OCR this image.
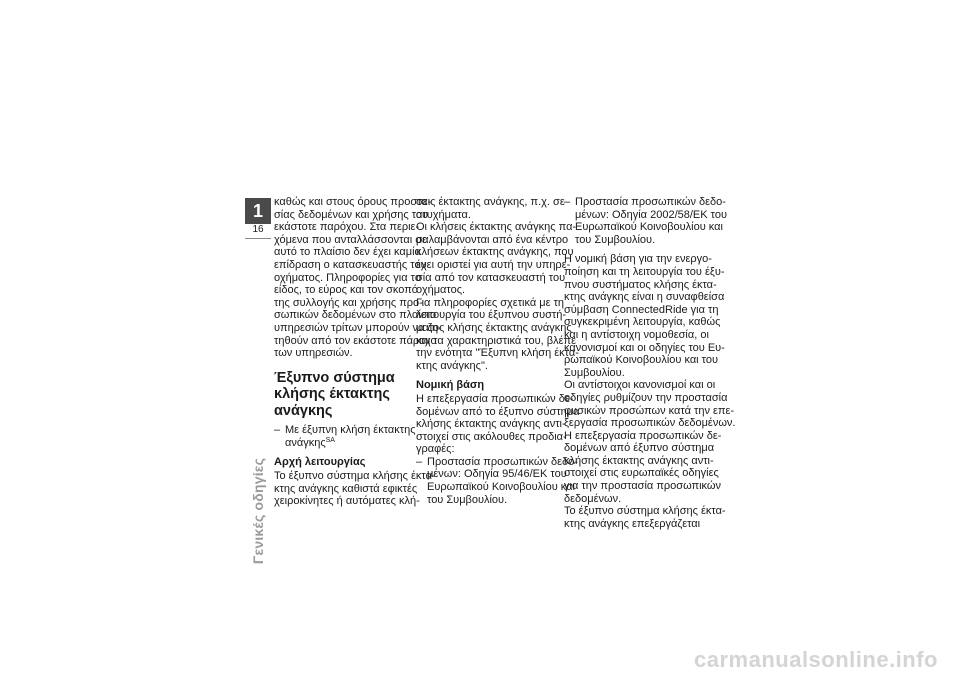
1
16
Γενικές οδηγίες
καθώς και στους όρους προστα-
σίας δεδομένων και χρήσης του
εκάστοτε παρόχου. Στα περιε-
χόμενα που ανταλλάσσονται σε
αυτό το πλαίσιο δεν έχει καμία
επίδραση ο κατασκευαστής του
οχήματος. Πληροφορίες για το
είδος, το εύρος και τον σκοπό
της συλλογής και χρήσης προ-
σωπικών δεδομένων στο πλαίσιο
υπηρεσιών τρίτων μπορούν να ζη-
τηθούν από τον εκάστοτε πάροχο
των υπηρεσιών.
Έξυπνο σύστημα
κλήσης έκτακτης
ανάγκης
– Με έξυπνη κλήση έκτακτης
ανάγκης$^{SA}$
Αρχή λειτουργίας
Το έξυπνο σύστημα κλήσης έκτα-
κτης ανάγκης καθιστά εφικτές
χειροκίνητες ή αυτόματες κλή-
σεις έκτακτης ανάγκης, π.χ. σε
ατυχήματα.
Οι κλήσεις έκτακτης ανάγκης πα-
ραλαμβάνονται από ένα κέντρο
κλήσεων έκτακτης ανάγκης, που
έχει οριστεί για αυτή την υπηρε-
σία από τον κατασκευαστή του
οχήματος.
Για πληροφορίες σχετικά με τη
λειτουργία του έξυπνου συστή-
ματος κλήσης έκτακτης ανάγκης
και τα χαρακτηριστικά του, βλέπε
την ενότητα "Έξυπνη κλήση έκτα-
κτης ανάγκης".
Νομική βάση
Η επεξεργασία προσωπικών δε-
δομένων από το έξυπνο σύστημα
κλήσης έκτακτης ανάγκης αντι-
στοιχεί στις ακόλουθες προδια-
γραφές:
– Προστασία προσωπικών δεδο-
μένων: Οδηγία 95/46/ΕΚ του
Ευρωπαϊκού Κοινοβουλίου και
του Συμβουλίου.
– Προστασία προσωπικών δεδο-
μένων: Οδηγία 2002/58/ΕΚ του
Ευρωπαϊκού Κοινοβουλίου και
του Συμβουλίου.
Η νομική βάση για την ενεργο-
ποίηση και τη λειτουργία του έξυ-
πνου συστήματος κλήσης έκτα-
κτης ανάγκης είναι η συναφθείσα
σύμβαση ConnectedRide για τη
συγκεκριμένη λειτουργία, καθώς
και η αντίστοιχη νομοθεσία, οι
κανονισμοί και οι οδηγίες του Ευ-
ρωπαϊκού Κοινοβουλίου και του
Συμβουλίου.
Οι αντίστοιχοι κανονισμοί και οι
οδηγίες ρυθμίζουν την προστασία
φυσικών προσώπων κατά την επε-
ξεργασία προσωπικών δεδομένων.
Η επεξεργασία προσωπικών δε-
δομένων από έξυπνο σύστημα
κλήσης έκτακτης ανάγκης αντι-
στοιχεί στις ευρωπαϊκές οδηγίες
για την προστασία προσωπικών
δεδομένων.
Το έξυπνο σύστημα κλήσης έκτα-
κτης ανάγκης επεξεργάζεται
carmanualsonline.info
